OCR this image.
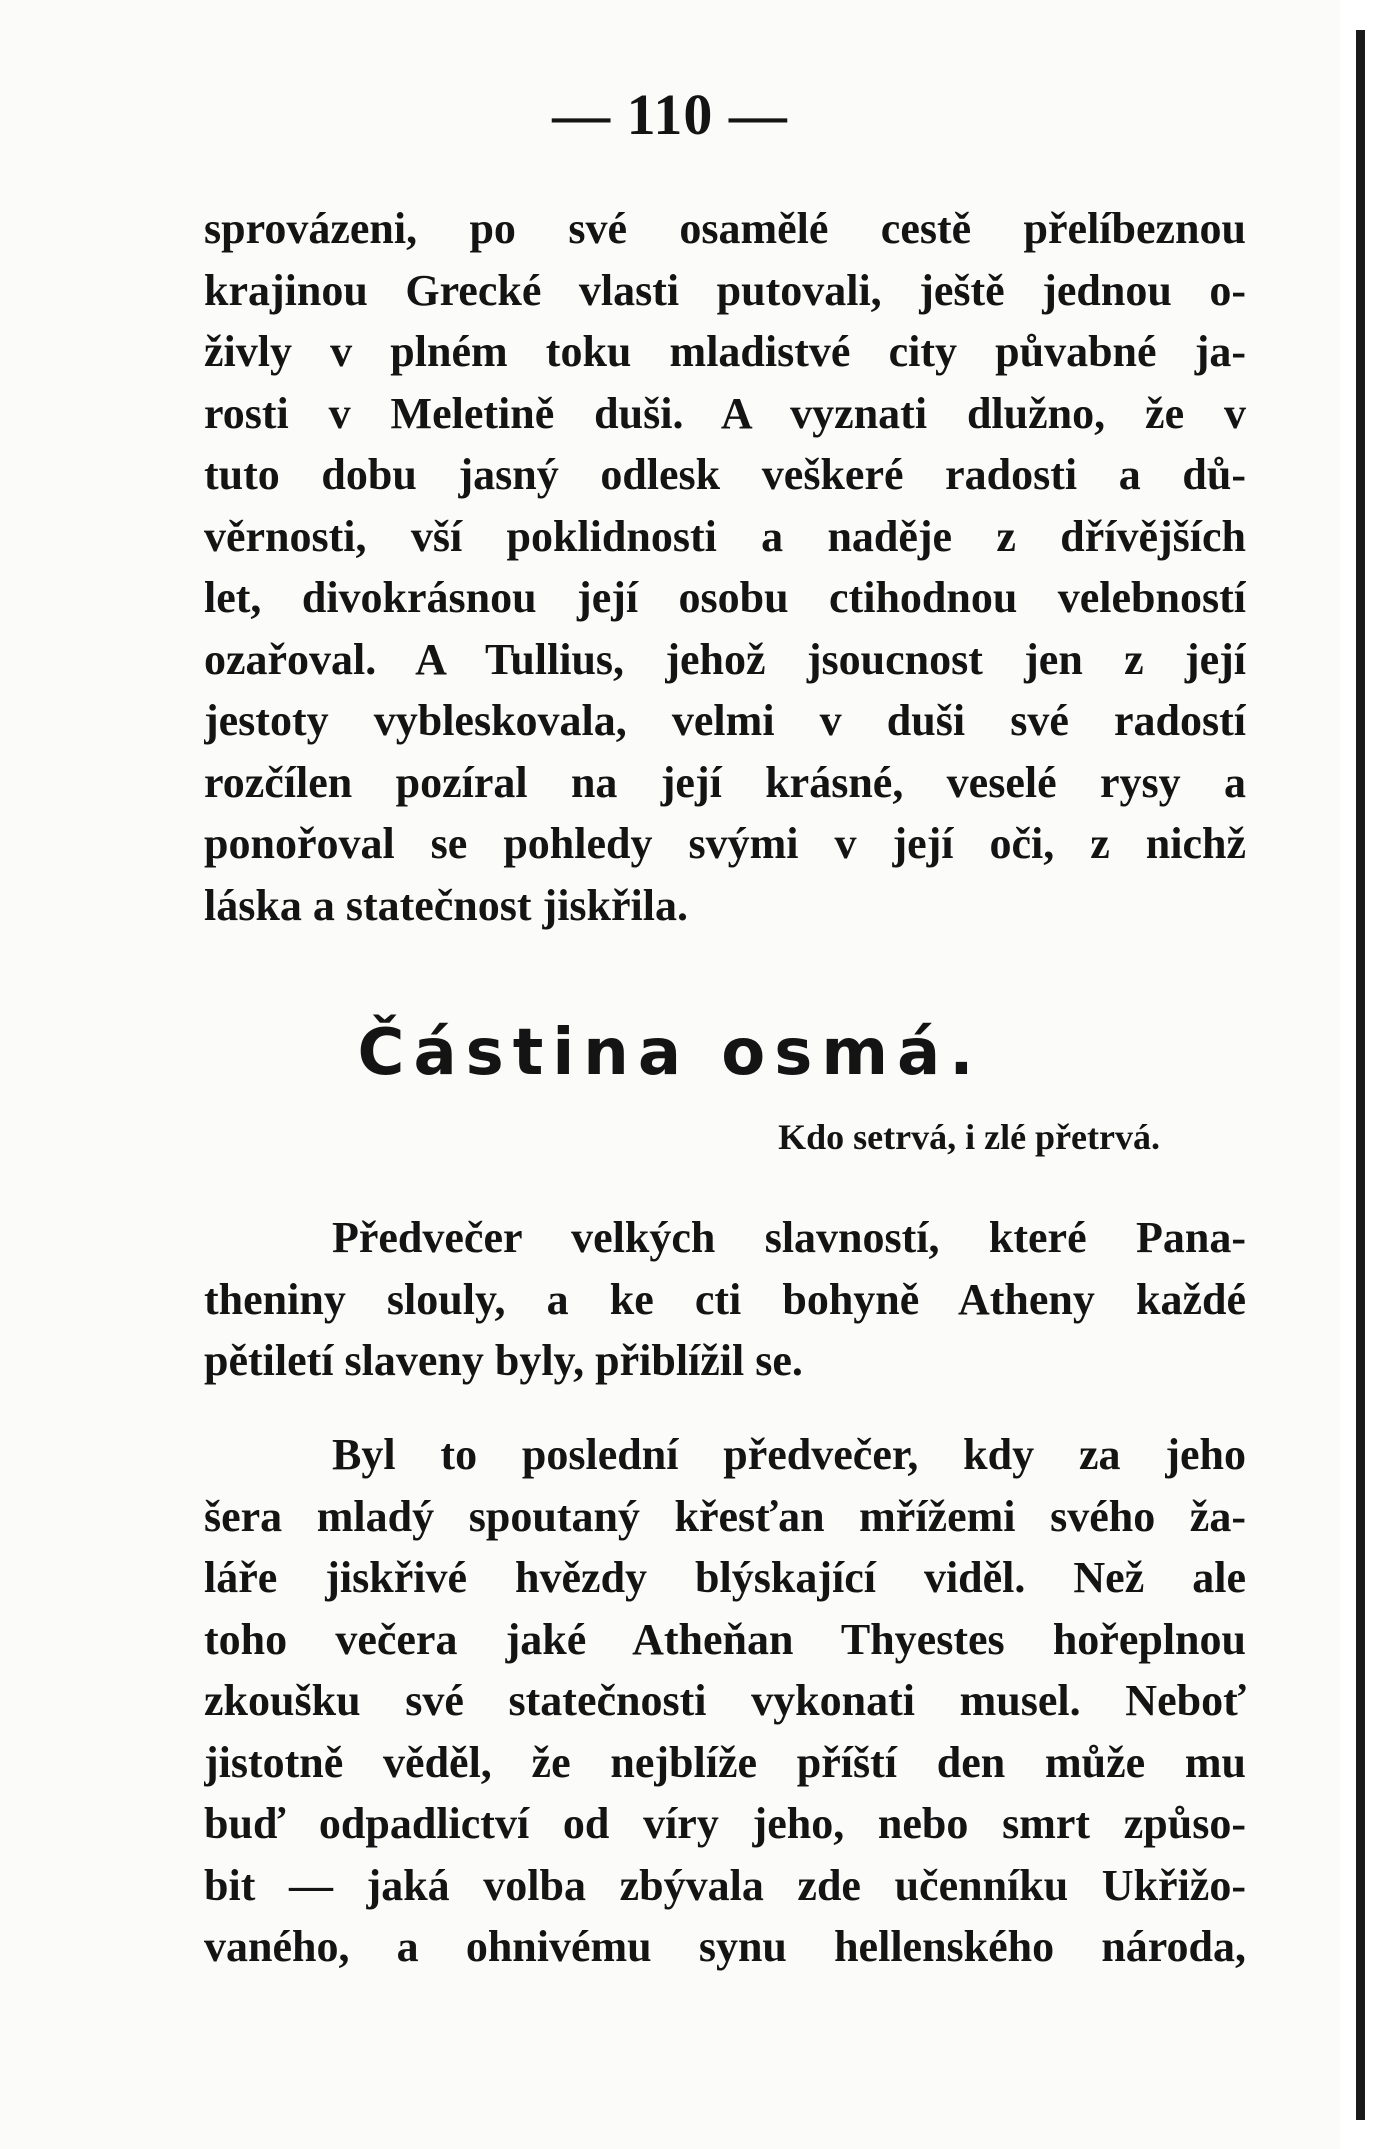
— 110 —
sprovázeni, po své osamělé cestě přelíbeznou
krajinou Grecké vlasti putovali, ještě jednou o-
živly v plném toku mladistvé city půvabné ja-
rosti v Meletině duši. A vyznati dlužno, že v
tuto dobu jasný odlesk veškeré radosti a dů-
věrnosti, vší poklidnosti a naděje z dřívějších
let, divokrásnou její osobu ctihodnou velebností
ozařoval. A Tullius, jehož jsoucnost jen z její
jestoty vybleskovala, velmi v duši své radostí
rozčílen pozíral na její krásné, veselé rysy a
ponořoval se pohledy svými v její oči, z nichž
láska a statečnost jiskřila.
Částina osmá.
Kdo setrvá, i zlé přetrvá.
Předvečer velkých slavností, které Pana-
theniny slouly, a ke cti bohyně Atheny každé
pětiletí slaveny byly, přiblížil se.
Byl to poslední předvečer, kdy za jeho
šera mladý spoutaný křesťan mřížemi svého ža-
láře jiskřivé hvězdy blýskající viděl. Než ale
toho večera jaké Atheňan Thyestes hořeplnou
zkoušku své statečnosti vykonati musel. Neboť
jistotně věděl, že nejblíže příští den může mu
buď odpadlictví od víry jeho, nebo smrt způso-
bit — jaká volba zbývala zde učenníku Ukřižo-
vaného, a ohnivému synu hellenského národa,
